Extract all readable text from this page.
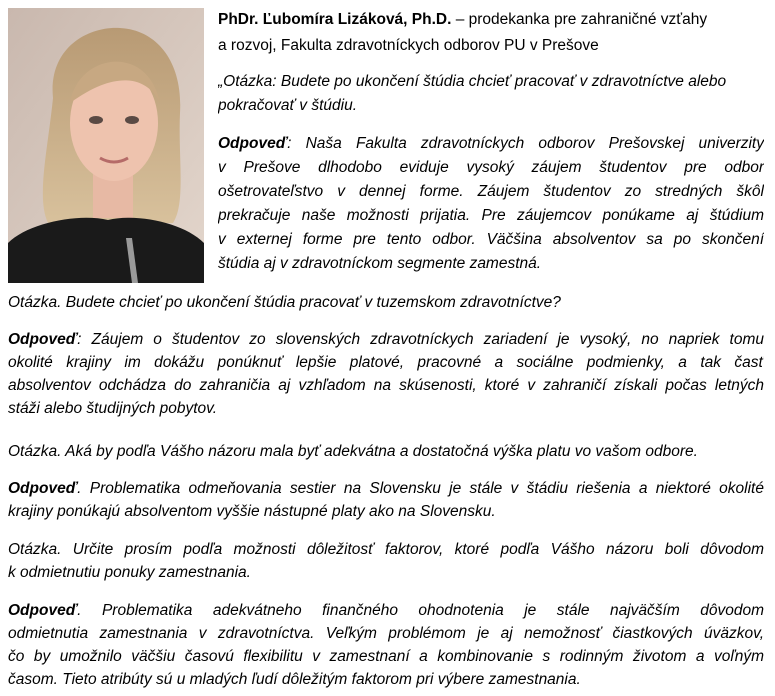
PhDr. Ľubomíra Lizáková, Ph.D. – prodekanka pre zahraničné vzťahy

a rozvoj, Fakulta zdravotníckych odborov PU v Prešove

„Otázka: Budete po ukončení štúdia chcieť pracovať v zdravotníctve alebo
pokračovať v štúdiu.
Odpoveď: Naša Fakulta zdravotníckych odborov Prešovskej univerzity
v Prešove dlhodobo eviduje vysoký záujem študentov pre odbor
ošetrovateľstvo v dennej forme. Záujem študentov zo stredných škôl
prekračuje naše možnosti prijatia. Pre záujemcov ponúkame aj štúdium
v externej forme pre tento odbor. Väčšina absolventov sa po skončení
štúdia aj v zdravotníckom segmente zamestná.
Otázka. Budete chcieť po ukončení štúdia pracovať v tuzemskom zdravotníctve?
Odpoveď: Záujem o študentov zo slovenských zdravotníckych zariadení je vysoký, no napriek tomu
okolité krajiny im dokážu ponúknuť lepšie platové, pracovné a sociálne podmienky, a tak časť
absolventov odchádza do zahraničia aj vzhľadom na skúsenosti, ktoré v zahraničí získali počas letných
stáži alebo študijných pobytov.
Otázka. Aká by podľa Vášho názoru mala byť adekvátna a dostatočná výška platu vo vašom odbore.
Odpoveď. Problematika odmeňovania sestier na Slovensku je stále v štádiu riešenia a niektoré okolité
krajiny ponúkajú absolventom vyššie nástupné platy ako na Slovensku.
Otázka. Určite prosím podľa možnosti dôležitosť faktorov, ktoré podľa Vášho názoru boli dôvodom
k odmietnutiu ponuky zamestnania.
Odpoveď. Problematika adekvátneho finančného ohodnotenia je stále najväčším dôvodom
odmietnutia zamestnania v zdravotníctva. Veľkým problémom je aj nemožnosť čiastkových úväzkov,
čo by umožnilo väčšiu časovú flexibilitu v zamestnaní a kombinovanie s rodinným životom a voľným
časom. Tieto atribúty sú u mladých ľudí dôležitým faktorom pri výbere zamestnania.
